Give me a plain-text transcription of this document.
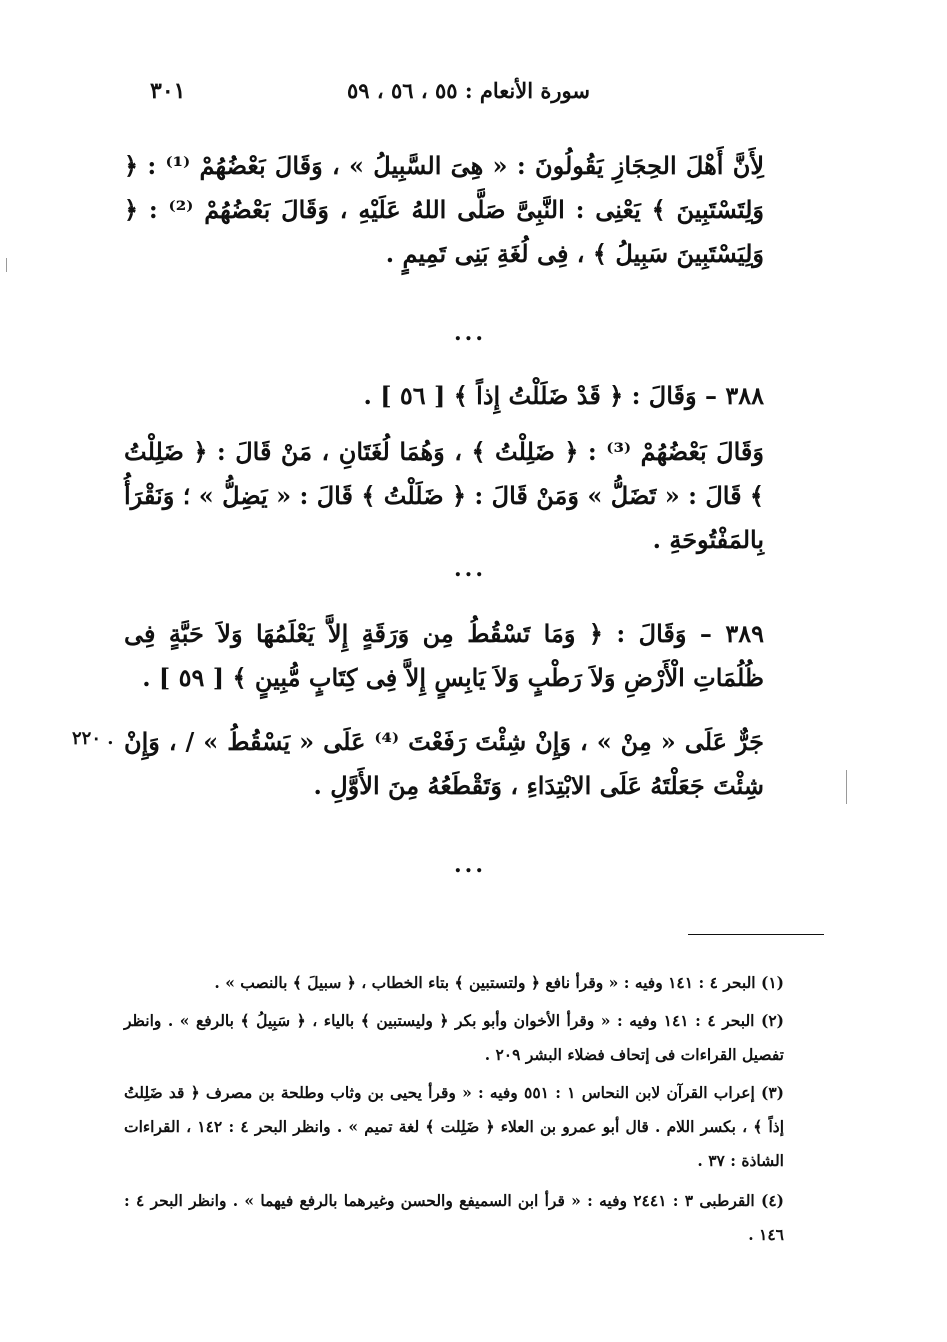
سورة الأنعام : ٥٥ ، ٥٦ ، ٥٩
٣٠١
لِأَنَّ أَهْلَ الحِجَازِ يَقُولُونَ : « هِىَ السَّبِيلُ » ، وَقَالَ بَعْضُهُمْ ⁽¹⁾ : ﴿ وَلِتَسْتَبِينَ ﴾ يَعْنِى : النَّبِىَّ صَلَّى اللهُ عَلَيْهِ ، وَقَالَ بَعْضُهُمْ ⁽²⁾ : ﴿ وَلِيَسْتَبِينَ سَبِيلُ ﴾ ، فِى لُغَةِ بَنِى تَمِيمٍ .
...
٣٨٨ – وَقَالَ : ﴿ قَدْ ضَلَلْتُ إِذاً ﴾ [ ٥٦ ] .
وَقَالَ بَعْضُهُمْ ⁽³⁾ : ﴿ ضَلِلْتُ ﴾ ، وَهُمَا لُغَتَانِ ، مَنْ قَالَ : ﴿ ضَلِلْتُ ﴾ قَالَ : « تَضَلُّ » وَمَنْ قَالَ : ﴿ ضَلَلْتُ ﴾ قَالَ : « يَضِلُّ » ؛ وَنَقْرَأُ بِالمَفْتُوحَةِ .
...
٣٨٩ – وَقَالَ : ﴿ وَمَا تَسْقُطُ مِن وَرَقَةٍ إِلاَّ يَعْلَمُهَا وَلاَ حَبَّةٍ فِى ظُلُمَاتِ الْأَرْضِ وَلاَ رَطْبٍ وَلاَ يَابِسٍ إِلاَّ فِى كِتَابٍ مُّبِينٍ ﴾ [ ٥٩ ] .
جَرٌّ عَلَى « مِنْ » ، وَإِنْ شِئْتَ رَفَعْتَ ⁽⁴⁾ عَلَى « يَسْقُطُ » / ، وَإِنْ شِئْتَ جَعَلْتَهُ عَلَى الابْتِدَاءِ ، وَتَقْطَعُهُ مِنَ الأَوَّلِ .
٢٢٠ .
...
(١) البحر ٤ : ١٤١ وفيه : « وقرأ نافع ﴿ ولتستبين ﴾ بتاء الخطاب ، ﴿ سبيلَ ﴾ بالنصب » .
(٢) البحر ٤ : ١٤١ وفيه : « وقرأ الأخوان وأبو بكر ﴿ وليستبين ﴾ بالياء ، ﴿ سَبِيلُ ﴾ بالرفع » . وانظر تفصيل القراءات فى إتحاف فضلاء البشر ٢٠٩ .
(٣) إعراب القرآن لابن النحاس ١ : ٥٥١ وفيه : « وقرأ يحيى بن وثاب وطلحة بن مصرف ﴿ قد ضَلِلتُ إذاً ﴾ ، بكسر اللام . قال أبو عمرو بن العلاء ﴿ ضَلِلت ﴾ لغة تميم » . وانظر البحر ٤ : ١٤٢ ، القراءات الشاذة : ٣٧ .
(٤) القرطبى ٣ : ٢٤٤١ وفيه : « قرأ ابن السميفع والحسن وغيرهما بالرفع فيهما » . وانظر البحر ٤ : ١٤٦ .
